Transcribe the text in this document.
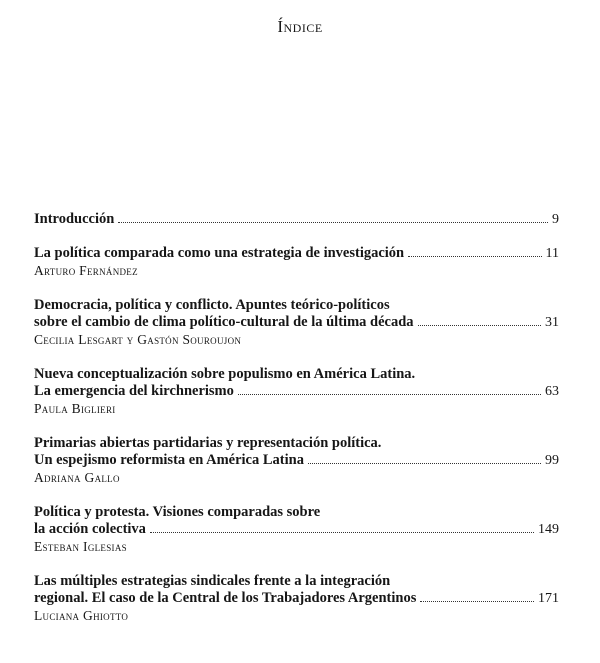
Índice
Introducción	9
La política comparada como una estrategia de investigación	11
Arturo Fernández
Democracia, política y conflicto. Apuntes teórico-políticos
sobre el cambio de clima político-cultural de la última década	31
Cecilia Lesgart y Gastón Souroujon
Nueva conceptualización sobre populismo en América Latina.
La emergencia del kirchnerismo	63
Paula Biglieri
Primarias abiertas partidarias y representación política.
Un espejismo reformista en América Latina	99
Adriana Gallo
Política y protesta. Visiones comparadas sobre
la acción colectiva	149
Esteban Iglesias
Las múltiples estrategias sindicales frente a la integración
regional. El caso de la Central de los Trabajadores Argentinos	171
Luciana Ghiotto
